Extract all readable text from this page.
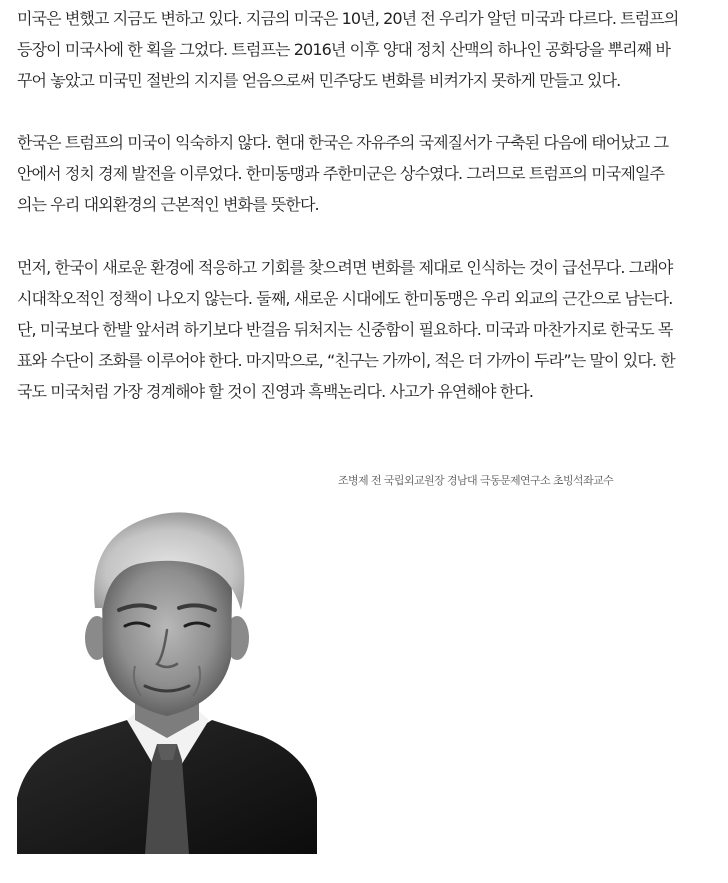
미국은 변했고 지금도 변하고 있다. 지금의 미국은 10년, 20년 전 우리가 알던 미국과 다르다. 트럼프의
등장이 미국사에 한 획을 그었다. 트럼프는 2016년 이후 양대 정치 산맥의 하나인 공화당을 뿌리째 바
꾸어 놓았고 미국민 절반의 지지를 얻음으로써 민주당도 변화를 비켜가지 못하게 만들고 있다.

한국은 트럼프의 미국이 익숙하지 않다. 현대 한국은 자유주의 국제질서가 구축된 다음에 태어났고 그
안에서 정치 경제 발전을 이루었다. 한미동맹과 주한미군은 상수였다. 그러므로 트럼프의 미국제일주
의는 우리 대외환경의 근본적인 변화를 뜻한다.

먼저, 한국이 새로운 환경에 적응하고 기회를 찾으려면 변화를 제대로 인식하는 것이 급선무다. 그래야
시대착오적인 정책이 나오지 않는다. 둘째, 새로운 시대에도 한미동맹은 우리 외교의 근간으로 남는다.
단, 미국보다 한발 앞서려 하기보다 반걸음 뒤처지는 신중함이 필요하다. 미국과 마찬가지로 한국도 목
표와 수단이 조화를 이루어야 한다. 마지막으로, “친구는 가까이, 적은 더 가까이 두라”는 말이 있다. 한
국도 미국처럼 가장 경계해야 할 것이 진영과 흑백논리다. 사고가 유연해야 한다.

조병제 전 국립외교원장 경남대 극동문제연구소 초빙석좌교수
